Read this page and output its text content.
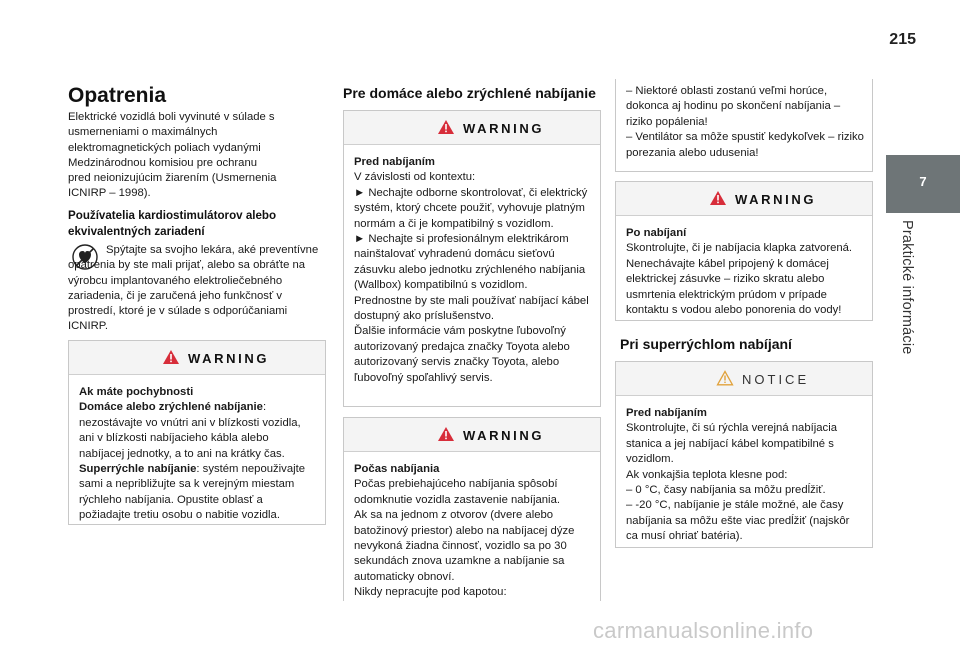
215
7
Praktické informácie
Opatrenia

Elektrické vozidlá boli vyvinuté v súlade s usmerneniami o maximálnych elektromagnetických poliach vydanými Medzinárodnou komisiou pre ochranu pred neionizujúcim žiarením (Usmernenia ICNIRP – 1998).

Používatelia kardiostimulátorov alebo ekvivalentných zariadení

Spýtajte sa svojho lekára, aké preventívne opatrenia by ste mali prijať, alebo sa obráťte na výrobcu implantovaného elektroliečebného zariadenia, či je zaručená jeho funkčnosť v prostredí, ktoré je v súlade s odporúčaniami ICNIRP.

WARNING
Ak máte pochybnosti
Domáce alebo zrýchlené nabíjanie: nezostávajte vo vnútri ani v blízkosti vozidla, ani v blízkosti nabíjacieho kábla alebo nabíjacej jednotky, a to ani na krátky čas.
Superrýchle nabíjanie: systém nepouživajte sami a nepribližujte sa k verejným miestam rýchleho nabíjania. Opustite oblasť a požiadajte tretiu osobu o nabitie vozidla.
Pre domáce alebo zrýchlené nabíjanie
WARNING
Pred nabíjaním
V závislosti od kontextu:
► Nechajte odborne skontrolovať, či elektrický systém, ktorý chcete použiť, vyhovuje platným normám a či je kompatibilný s vozidlom.
► Nechajte si profesionálnym elektrikárom nainštalovať vyhradenú domácu sieťovú zásuvku alebo jednotku zrýchleného nabíjania (Wallbox) kompatibilnú s vozidlom.
Prednostne by ste mali používať nabíjací kábel dostupný ako príslušenstvo.
Ďalšie informácie vám poskytne ľubovoľný autorizovaný predajca značky Toyota alebo autorizovaný servis značky Toyota, alebo ľubovoľný spoľahlivý servis.
WARNING
Počas nabíjania
Počas prebiehajúceho nabíjania spôsobí odomknutie vozidla zastavenie nabíjania.
Ak sa na jednom z otvorov (dvere alebo batožinový priestor) alebo na nabíjacej dýze nevykoná žiadna činnosť, vozidlo sa po 30 sekundách znova uzamkne a nabíjanie sa automaticky obnoví.
Nikdy nepracujte pod kapotou:
– Niektoré oblasti zostanú veľmi horúce, dokonca aj hodinu po skončení nabíjania – riziko popálenia!
– Ventilátor sa môže spustiť kedykoľvek – riziko porezania alebo udusenia!
WARNING
Po nabíjaní
Skontrolujte, či je nabíjacia klapka zatvorená.
Nenechávajte kábel pripojený k domácej elektrickej zásuvke – riziko skratu alebo usmrtenia elektrickým prúdom v prípade kontaktu s vodou alebo ponorenia do vody!
Pri superrýchlom nabíjaní
NOTICE
Pred nabíjaním
Skontrolujte, či sú rýchla verejná nabíjacia stanica a jej nabíjací kábel kompatibilné s vozidlom.
Ak vonkajšia teplota klesne pod:
– 0 °C, časy nabíjania sa môžu predĺžiť.
– -20 °C, nabíjanie je stále možné, ale časy nabíjania sa môžu ešte viac predĺžiť (najskôr ca musí ohriať batéria).
carmanualsonline.info
